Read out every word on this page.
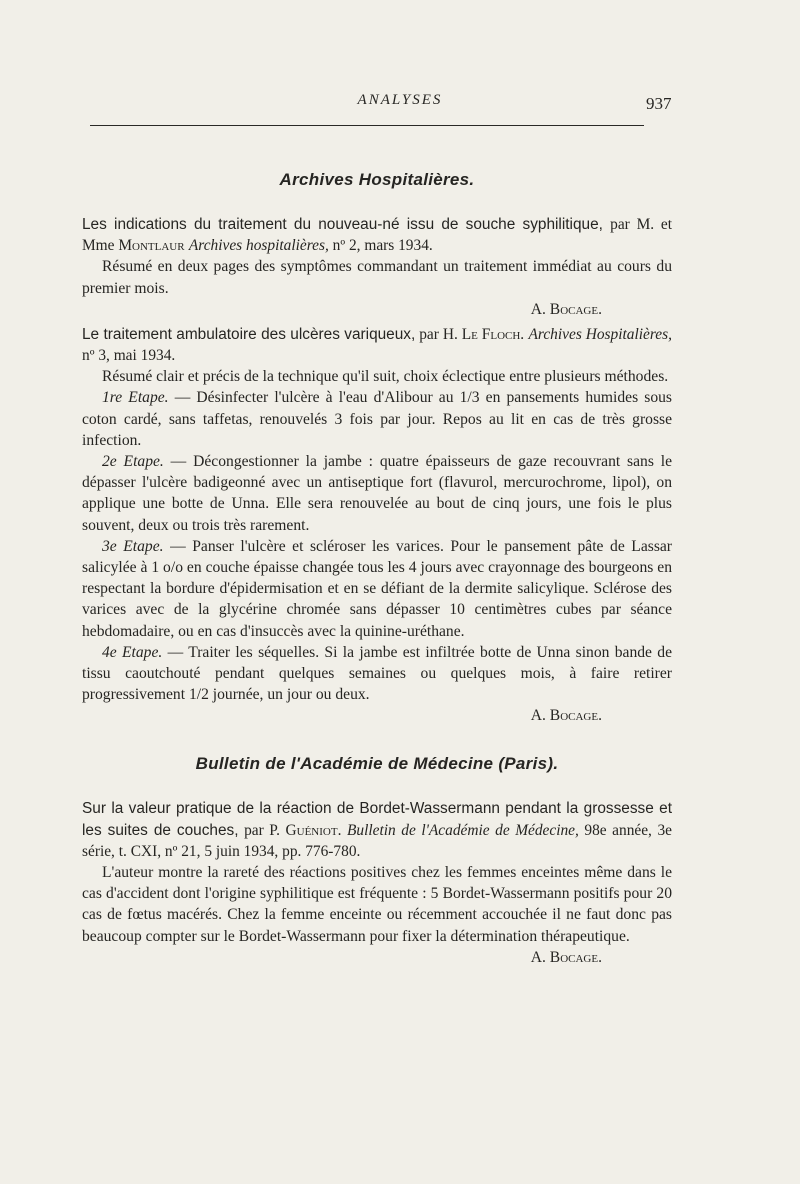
ANALYSES	937
Archives Hospitalières.

Les indications du traitement du nouveau-né issu de souche syphilitique, par M. et Mme Montlaur Archives hospitalières, nº 2, mars 1934.

Résumé en deux pages des symptômes commandant un traitement immédiat au cours du premier mois.

A. Bocage.

Le traitement ambulatoire des ulcères variqueux, par H. Le Floch. Archives Hospitalières, nº 3, mai 1934.

Résumé clair et précis de la technique qu'il suit, choix éclectique entre plusieurs méthodes.

1re Etape. — Désinfecter l'ulcère à l'eau d'Alibour au 1/3 en pansements humides sous coton cardé, sans taffetas, renouvelés 3 fois par jour. Repos au lit en cas de très grosse infection.

2e Etape. — Décongestionner la jambe : quatre épaisseurs de gaze recouvrant sans le dépasser l'ulcère badigeonné avec un antiseptique fort (flavurol, mercurochrome, lipol), on applique une botte de Unna. Elle sera renouvelée au bout de cinq jours, une fois le plus souvent, deux ou trois très rarement.

3e Etape. — Panser l'ulcère et scléroser les varices. Pour le pansement pâte de Lassar salicylée à 1 o/o en couche épaisse changée tous les 4 jours avec crayonnage des bourgeons en respectant la bordure d'épidermisation et en se défiant de la dermite salicylique. Sclérose des varices avec de la glycérine chromée sans dépasser 10 centimètres cubes par séance hebdomadaire, ou en cas d'insuccès avec la quinine-uréthane.

4e Etape. — Traiter les séquelles. Si la jambe est infiltrée botte de Unna sinon bande de tissu caoutchouté pendant quelques semaines ou quelques mois, à faire retirer progressivement 1/2 journée, un jour ou deux.

A. Bocage.
Bulletin de l'Académie de Médecine (Paris).

Sur la valeur pratique de la réaction de Bordet-Wassermann pendant la grossesse et les suites de couches, par P. Guéniot. Bulletin de l'Académie de Médecine, 98e année, 3e série, t. CXI, nº 21, 5 juin 1934, pp. 776-780.

L'auteur montre la rareté des réactions positives chez les femmes enceintes même dans le cas d'accident dont l'origine syphilitique est fréquente : 5 Bordet-Wassermann positifs pour 20 cas de fœtus macérés. Chez la femme enceinte ou récemment accouchée il ne faut donc pas beaucoup compter sur le Bordet-Wassermann pour fixer la détermination thérapeutique.

A. Bocage.
